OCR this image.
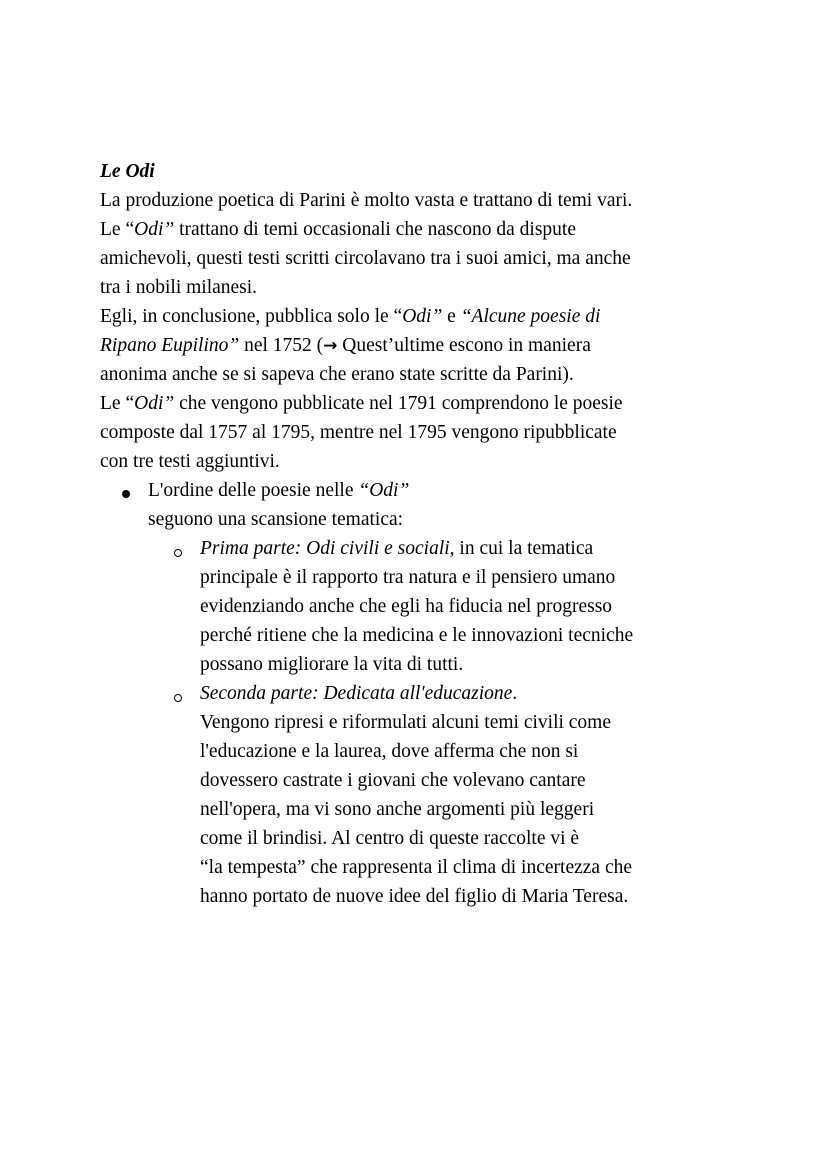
Le Odi
La produzione poetica di Parini è molto vasta e trattano di temi vari.
Le “Odi” trattano di temi occasionali che nascono da dispute
amichevoli, questi testi scritti circolavano tra i suoi amici, ma anche
tra i nobili milanesi.
Egli, in conclusione, pubblica solo le “Odi” e “Alcune poesie di
Ripano Eupilino” nel 1752 (→ Quest’ultime escono in maniera
anonima anche se si sapeva che erano state scritte da Parini).
Le “Odi” che vengono pubblicate nel 1791 comprendono le poesie
composte dal 1757 al 1795, mentre nel 1795 vengono ripubblicate
con tre testi aggiuntivi.
L'ordine delle poesie nelle “Odi”
seguono una scansione tematica:
Prima parte: Odi civili e sociali, in cui la tematica
principale è il rapporto tra natura e il pensiero umano
evidenziando anche che egli ha fiducia nel progresso
perché ritiene che la medicina e le innovazioni tecniche
possano migliorare la vita di tutti.
Seconda parte: Dedicata all'educazione.
Vengono ripresi e riformulati alcuni temi civili come
l'educazione e la laurea, dove afferma che non si
dovessero castrate i giovani che volevano cantare
nell'opera, ma vi sono anche argomenti più leggeri
come il brindisi. Al centro di queste raccolte vi è
“la tempesta” che rappresenta il clima di incertezza che
hanno portato de nuove idee del figlio di Maria Teresa.
